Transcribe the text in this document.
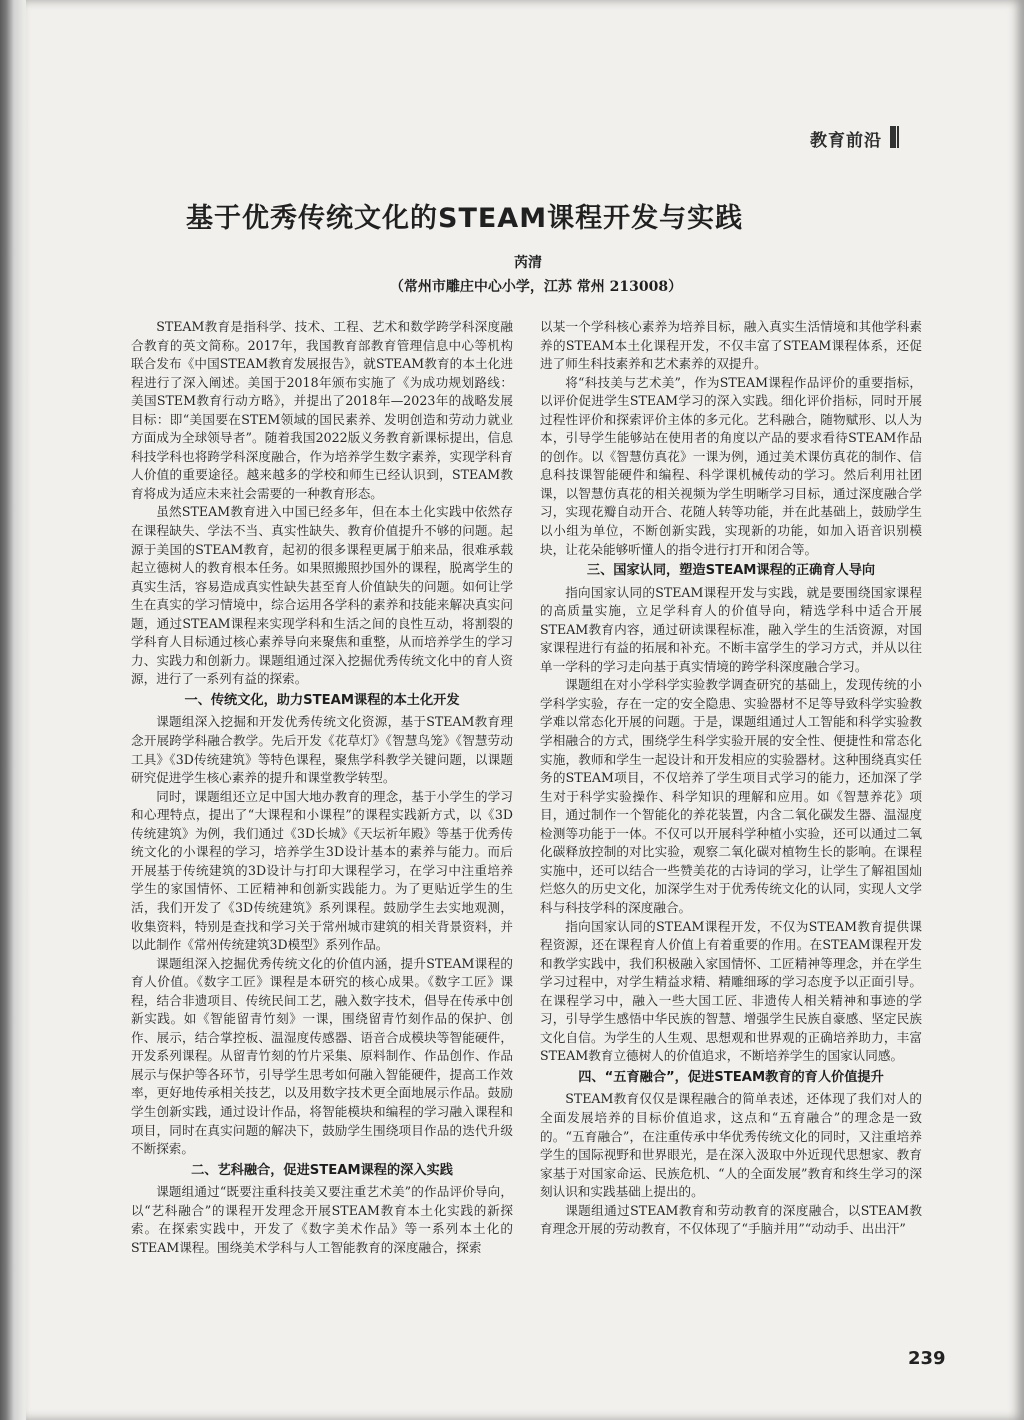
教育前沿
基于优秀传统文化的STEAM课程开发与实践
芮清
（常州市雕庄中心小学，江苏 常州 213008）

STEAM教育是指科学、技术、工程、艺术和数学跨学科深度融合教育的英文简称。2017年，我国教育部教育管理信息中心等机构联合发布《中国STEAM教育发展报告》，就STEAM教育的本土化进程进行了深入阐述。美国于2018年颁布实施了《为成功规划路线：美国STEM教育行动方略》，并提出了2018年—2023年的战略发展目标：即“美国要在STEM领域的国民素养、发明创造和劳动力就业方面成为全球领导者”。随着我国2022版义务教育新课标提出，信息科技学科也将跨学科深度融合，作为培养学生数字素养，实现学科育人价值的重要途径。越来越多的学校和师生已经认识到，STEAM教育将成为适应未来社会需要的一种教育形态。

虽然STEAM教育进入中国已经多年，但在本土化实践中依然存在课程缺失、学法不当、真实性缺失、教育价值提升不够的问题。起源于美国的STEAM教育，起初的很多课程更属于舶来品，很难承载起立德树人的教育根本任务。如果照搬照抄国外的课程，脱离学生的真实生活，容易造成真实性缺失甚至育人价值缺失的问题。如何让学生在真实的学习情境中，综合运用各学科的素养和技能来解决真实问题，通过STEAM课程来实现学科和生活之间的良性互动，将割裂的学科育人目标通过核心素养导向来聚焦和重整，从而培养学生的学习力、实践力和创新力。课题组通过深入挖掘优秀传统文化中的育人资源，进行了一系列有益的探索。

一、传统文化，助力STEAM课程的本土化开发

课题组深入挖掘和开发优秀传统文化资源，基于STEAM教育理念开展跨学科融合教学。先后开发《花草灯》《智慧鸟笼》《智慧劳动工具》《3D传统建筑》等特色课程，聚焦学科教学关键问题，以课题研究促进学生核心素养的提升和课堂教学转型。

同时，课题组还立足中国大地办教育的理念，基于小学生的学习和心理特点，提出了“大课程和小课程”的课程实践新方式，以《3D传统建筑》为例，我们通过《3D长城》《天坛祈年殿》等基于优秀传统文化的小课程的学习，培养学生3D设计基本的素养与能力。而后开展基于传统建筑的3D设计与打印大课程学习，在学习中注重培养学生的家国情怀、工匠精神和创新实践能力。为了更贴近学生的生活，我们开发了《3D传统建筑》系列课程。鼓励学生去实地观测，收集资料，特别是查找和学习关于常州城市建筑的相关背景资料，并以此制作《常州传统建筑3D模型》系列作品。

课题组深入挖掘优秀传统文化的价值内涵，提升STEAM课程的育人价值。《数字工匠》课程是本研究的核心成果。《数字工匠》课程，结合非遗项目、传统民间工艺，融入数字技术，倡导在传承中创新实践。如《智能留青竹刻》一课，围绕留青竹刻作品的保护、创作、展示，结合掌控板、温湿度传感器、语音合成模块等智能硬件，开发系列课程。从留青竹刻的竹片采集、原料制作、作品创作、作品展示与保护等各环节，引导学生思考如何融入智能硬件，提高工作效率，更好地传承相关技艺，以及用数字技术更全面地展示作品。鼓励学生创新实践，通过设计作品，将智能模块和编程的学习融入课程和项目，同时在真实问题的解决下，鼓励学生围绕项目作品的迭代升级不断探索。

二、艺科融合，促进STEAM课程的深入实践

课题组通过“既要注重科技美又要注重艺术美”的作品评价导向，以“艺科融合”的课程开发理念开展STEAM教育本土化实践的新探索。在探索实践中，开发了《数字美术作品》等一系列本土化的STEAM课程。围绕美术学科与人工智能教育的深度融合，探索

以某一个学科核心素养为培养目标，融入真实生活情境和其他学科素养的STEAM本土化课程开发，不仅丰富了STEAM课程体系，还促进了师生科技素养和艺术素养的双提升。

将“科技美与艺术美”，作为STEAM课程作品评价的重要指标，以评价促进学生STEAM学习的深入实践。细化评价指标，同时开展过程性评价和探索评价主体的多元化。艺科融合，随物赋形、以人为本，引导学生能够站在使用者的角度以产品的要求看待STEAM作品的创作。以《智慧仿真花》一课为例，通过美术课仿真花的制作、信息科技课智能硬件和编程、科学课机械传动的学习。然后利用社团课，以智慧仿真花的相关视频为学生明晰学习目标，通过深度融合学习，实现花瓣自动开合、花随人转等功能，并在此基础上，鼓励学生以小组为单位，不断创新实践，实现新的功能，如加入语音识别模块，让花朵能够听懂人的指令进行打开和闭合等。

三、国家认同，塑造STEAM课程的正确育人导向

指向国家认同的STEAM课程开发与实践，就是要围绕国家课程的高质量实施，立足学科育人的价值导向，精选学科中适合开展STEAM教育内容，通过研读课程标准，融入学生的生活资源，对国家课程进行有益的拓展和补充。不断丰富学生的学习方式，并从以往单一学科的学习走向基于真实情境的跨学科深度融合学习。

课题组在对小学科学实验教学调查研究的基础上，发现传统的小学科学实验，存在一定的安全隐患、实验器材不足等导致科学实验教学难以常态化开展的问题。于是，课题组通过人工智能和科学实验教学相融合的方式，围绕学生科学实验开展的安全性、便捷性和常态化实施，教师和学生一起设计和开发相应的实验器材。这种围绕真实任务的STEAM项目，不仅培养了学生项目式学习的能力，还加深了学生对于科学实验操作、科学知识的理解和应用。如《智慧养花》项目，通过制作一个智能化的养花装置，内含二氧化碳发生器、温湿度检测等功能于一体。不仅可以开展科学种植小实验，还可以通过二氧化碳释放控制的对比实验，观察二氧化碳对植物生长的影响。在课程实施中，还可以结合一些赞美花的古诗词的学习，让学生了解祖国灿烂悠久的历史文化，加深学生对于优秀传统文化的认同，实现人文学科与科技学科的深度融合。

指向国家认同的STEAM课程开发，不仅为STEAM教育提供课程资源，还在课程育人价值上有着重要的作用。在STEAM课程开发和教学实践中，我们积极融入家国情怀、工匠精神等理念，并在学生学习过程中，对学生精益求精、精雕细琢的学习态度予以正面引导。在课程学习中，融入一些大国工匠、非遗传人相关精神和事迹的学习，引导学生感悟中华民族的智慧、增强学生民族自豪感、坚定民族文化自信。为学生的人生观、思想观和世界观的正确培养助力，丰富STEAM教育立德树人的价值追求，不断培养学生的国家认同感。

四、“五育融合”，促进STEAM教育的育人价值提升

STEAM教育仅仅是课程融合的简单表述，还体现了我们对人的全面发展培养的目标价值追求，这点和“五育融合”的理念是一致的。“五育融合”，在注重传承中华优秀传统文化的同时，又注重培养学生的国际视野和世界眼光，是在深入汲取中外近现代思想家、教育家基于对国家命运、民族危机、“人的全面发展”教育和终生学习的深刻认识和实践基础上提出的。

课题组通过STEAM教育和劳动教育的深度融合，以STEAM教育理念开展的劳动教育，不仅体现了“手脑并用”“动动手、出出汗”

239
